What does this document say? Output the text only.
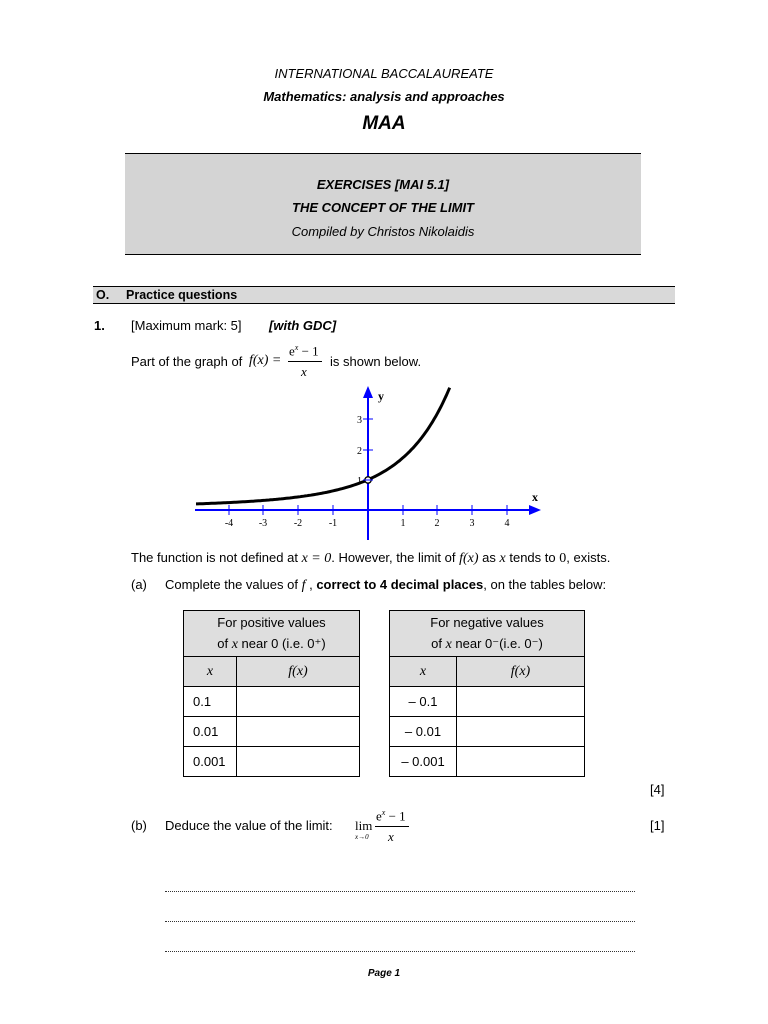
INTERNATIONAL BACCALAUREATE
Mathematics: analysis and approaches
MAA
EXERCISES [MAI 5.1]
THE CONCEPT OF THE LIMIT
Compiled by Christos Nikolaidis
O. Practice questions
1. [Maximum mark: 5] [with GDC]
Part of the graph of f(x) =
$e^x - 1$
x
is shown below.
-4	-3	-2	-1	1	2	3	4
1
2
3
y
x
The function is not defined at x = 0. However, the limit of f(x) as x tends to 0, exists.
(a) Complete the values of f , correct to 4 decimal places, on the tables below:
For positive values
of x near 0 (i.e. 0⁺)	

x	f(x)
0.1	
0.01	
0.001	
For negative values
of x near 0⁻(i.e. 0⁻)	

x	f(x)
– 0.1	
– 0.01	
– 0.001	
[4]
(b) Deduce the value of the limit: lim
x→0
$e^x - 1$
x
[1]
Page 1
